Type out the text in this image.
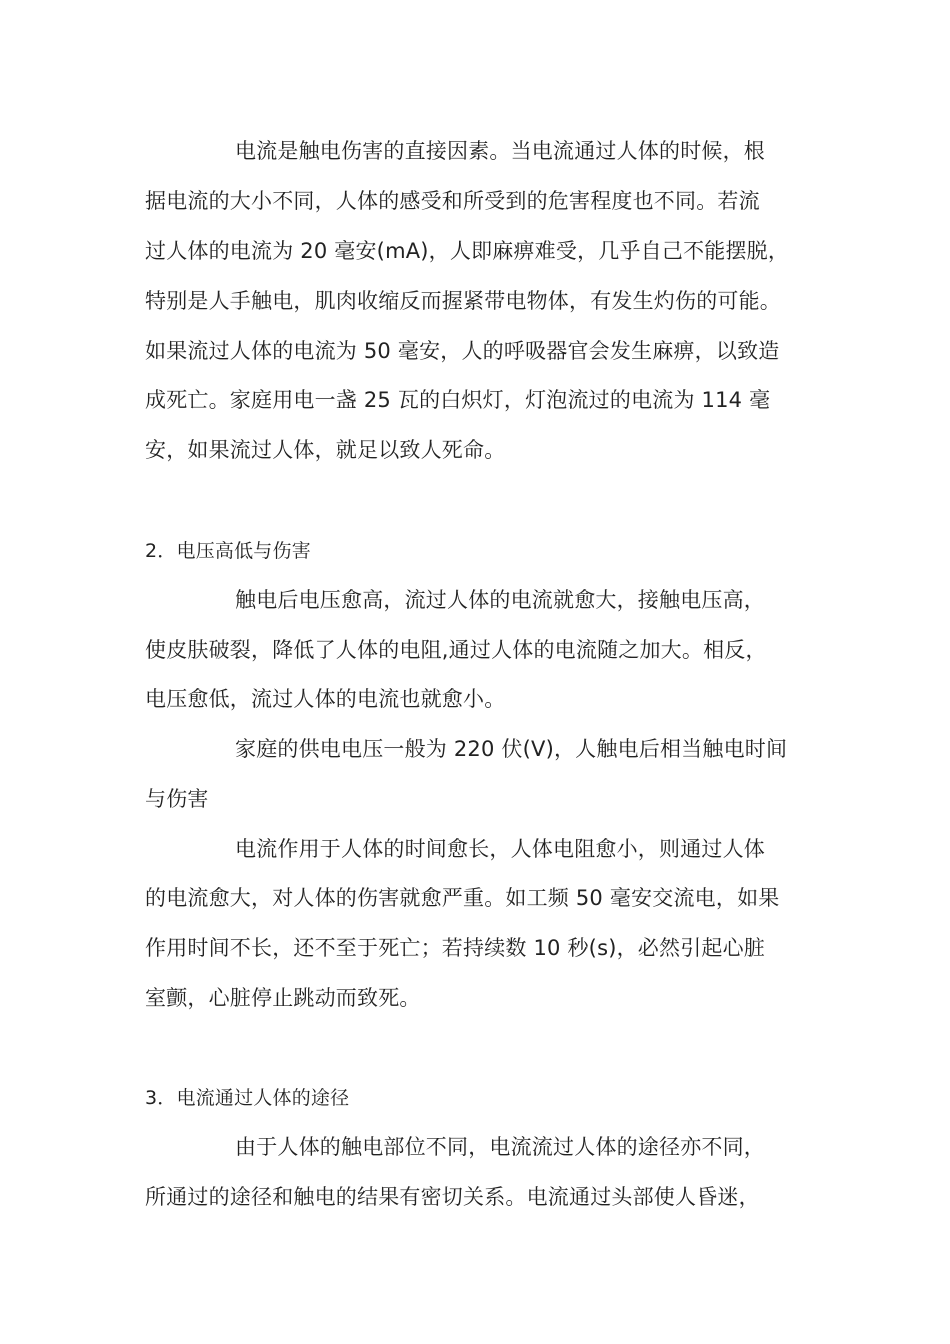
电流是触电伤害的直接因素。当电流通过人体的时候，根
据电流的大小不同，人体的感受和所受到的危害程度也不同。若流
过人体的电流为 20 毫安(mA)，人即麻痹难受，几乎自己不能摆脱，
特别是人手触电，肌肉收缩反而握紧带电物体，有发生灼伤的可能。
如果流过人体的电流为 50 毫安，人的呼吸器官会发生麻痹，以致造
成死亡。家庭用电一盏 25 瓦的白炽灯，灯泡流过的电流为 114 毫
安，如果流过人体，就足以致人死命。
2．电压高低与伤害
触电后电压愈高，流过人体的电流就愈大，接触电压高，
使皮肤破裂，降低了人体的电阻,通过人体的电流随之加大。相反，
电压愈低，流过人体的电流也就愈小。
家庭的供电电压一般为 220 伏(V)，人触电后相当触电时间
与伤害
电流作用于人体的时间愈长，人体电阻愈小，则通过人体
的电流愈大，对人体的伤害就愈严重。如工频 50 毫安交流电，如果
作用时间不长，还不至于死亡；若持续数 10 秒(s)，必然引起心脏
室颤，心脏停止跳动而致死。
3．电流通过人体的途径
由于人体的触电部位不同，电流流过人体的途径亦不同，
所通过的途径和触电的结果有密切关系。电流通过头部使人昏迷，
